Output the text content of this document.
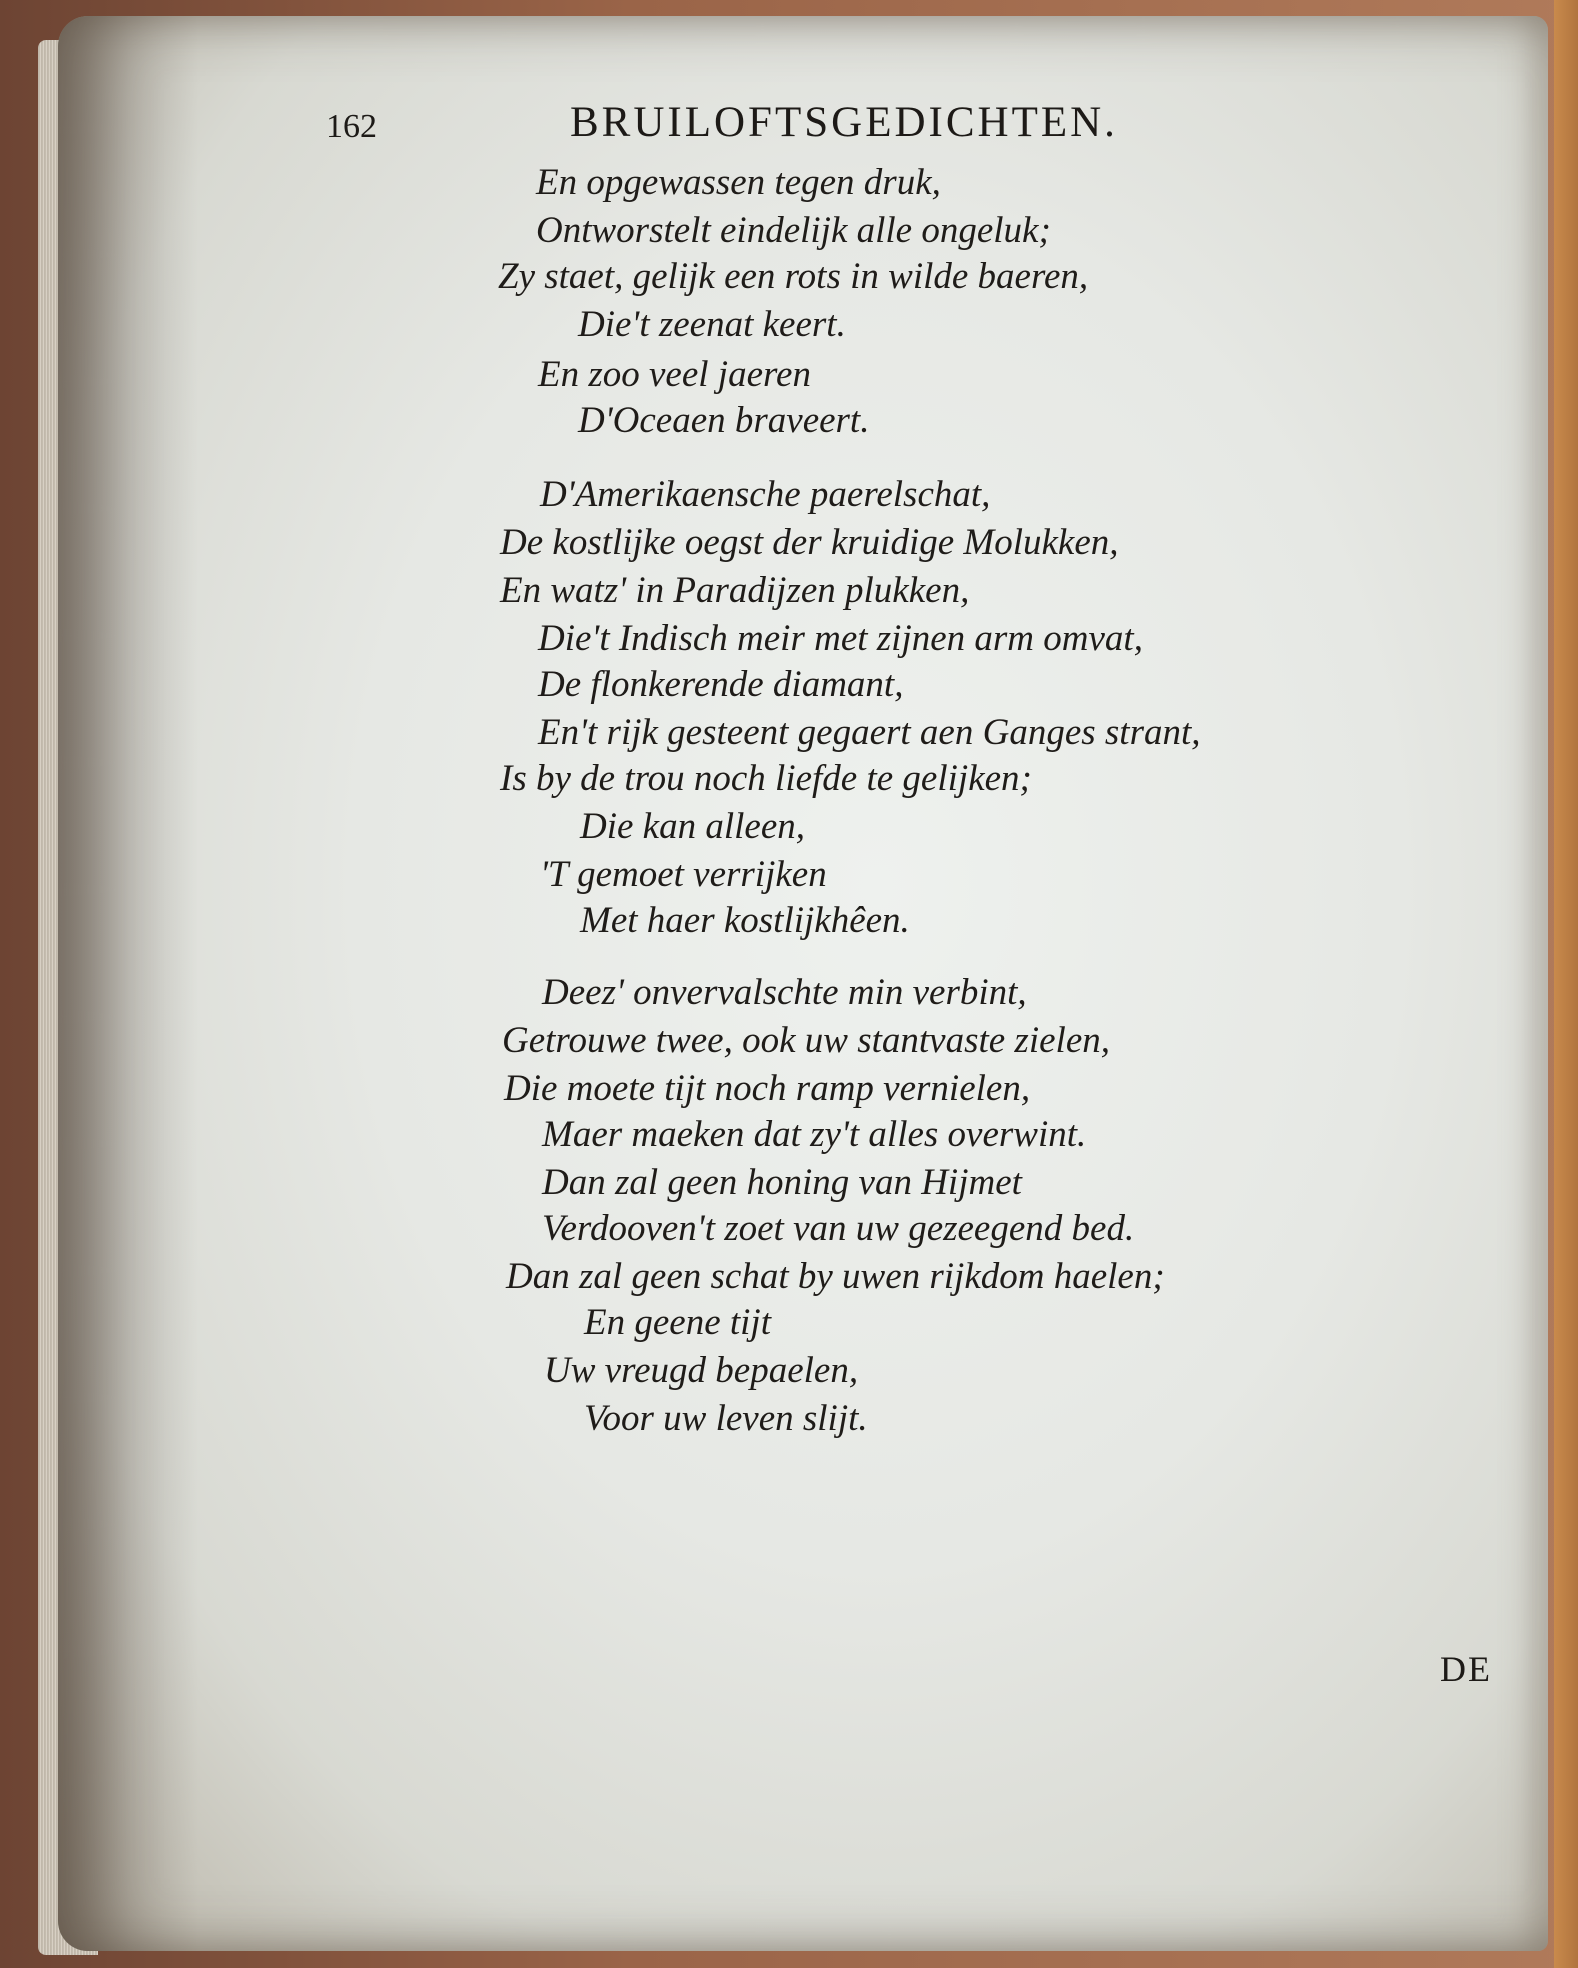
162	BRUILOFTSGEDICHTEN.
En opgewassen tegen druk,
Ontworstelt eindelijk alle ongeluk;
Zy staet, gelijk een rots in wilde baeren,
Die't zeenat keert.
En zoo veel jaeren
D'Oceaen braveert.
D'Amerikaensche paerelschat,
De kostlijke oegst der kruidige Molukken,
En watz' in Paradijzen plukken,
Die't Indisch meir met zijnen arm omvat,
De flonkerende diamant,
En't rijk gesteent gegaert aen Ganges strant,
Is by de trou noch liefde te gelijken;
Die kan alleen,
'T gemoet verrijken
Met haer kostlijkhêen.
Deez' onvervalschte min verbint,
Getrouwe twee, ook uw stantvaste zielen,
Die moete tijt noch ramp vernielen,
Maer maeken dat zy't alles overwint.
Dan zal geen honing van Hijmet
Verdooven't zoet van uw gezeegend bed.
Dan zal geen schat by uwen rijkdom haelen;
En geene tijt
Uw vreugd bepaelen,
Voor uw leven slijt.
DE
